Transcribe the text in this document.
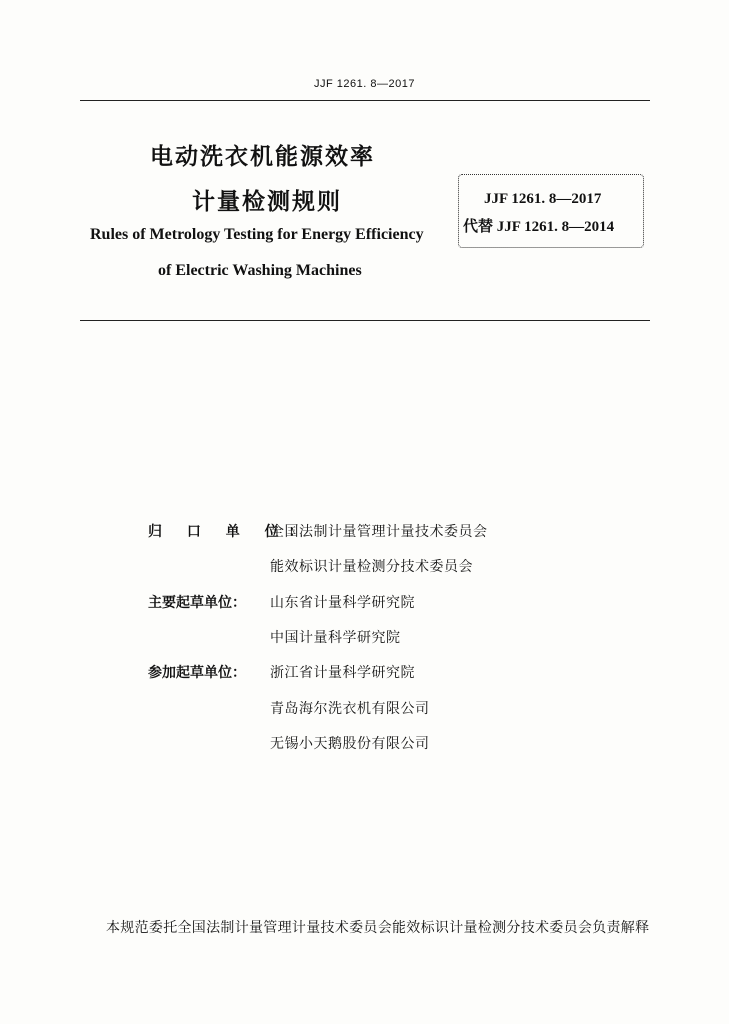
JJF 1261. 8—2017
电动洗衣机能源效率
计量检测规则
Rules of Metrology Testing for Energy Efficiency
of Electric Washing Machines
JJF 1261. 8—2017
代替 JJF 1261. 8—2014
归 口 单 位：
全国法制计量管理计量技术委员会
能效标识计量检测分技术委员会
主要起草单位：	山东省计量科学研究院
中国计量科学研究院
参加起草单位：	浙江省计量科学研究院
青岛海尔洗衣机有限公司
无锡小天鹅股份有限公司
本规范委托全国法制计量管理计量技术委员会能效标识计量检测分技术委员会负责解释
